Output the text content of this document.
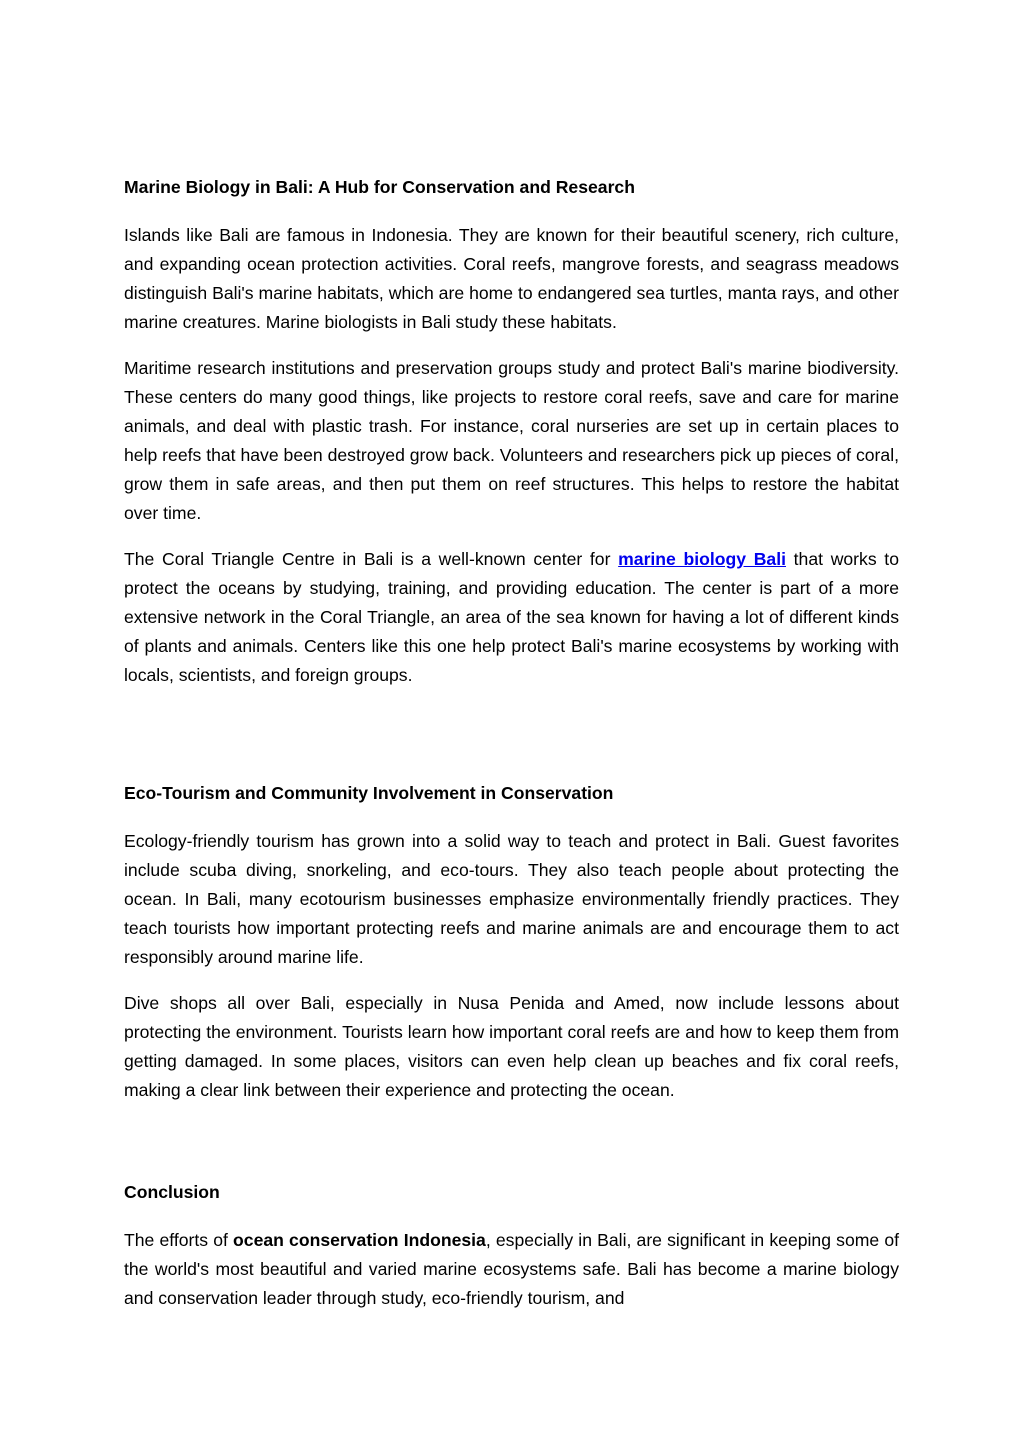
Marine Biology in Bali: A Hub for Conservation and Research

Islands like Bali are famous in Indonesia. They are known for their beautiful scenery, rich culture, and expanding ocean protection activities. Coral reefs, mangrove forests, and seagrass meadows distinguish Bali's marine habitats, which are home to endangered sea turtles, manta rays, and other marine creatures. Marine biologists in Bali study these habitats.

Maritime research institutions and preservation groups study and protect Bali's marine biodiversity. These centers do many good things, like projects to restore coral reefs, save and care for marine animals, and deal with plastic trash. For instance, coral nurseries are set up in certain places to help reefs that have been destroyed grow back. Volunteers and researchers pick up pieces of coral, grow them in safe areas, and then put them on reef structures. This helps to restore the habitat over time.

The Coral Triangle Centre in Bali is a well-known center for marine biology Bali that works to protect the oceans by studying, training, and providing education. The center is part of a more extensive network in the Coral Triangle, an area of the sea known for having a lot of different kinds of plants and animals. Centers like this one help protect Bali's marine ecosystems by working with locals, scientists, and foreign groups.

Eco-Tourism and Community Involvement in Conservation

Ecology-friendly tourism has grown into a solid way to teach and protect in Bali. Guest favorites include scuba diving, snorkeling, and eco-tours. They also teach people about protecting the ocean. In Bali, many ecotourism businesses emphasize environmentally friendly practices. They teach tourists how important protecting reefs and marine animals are and encourage them to act responsibly around marine life.

Dive shops all over Bali, especially in Nusa Penida and Amed, now include lessons about protecting the environment. Tourists learn how important coral reefs are and how to keep them from getting damaged. In some places, visitors can even help clean up beaches and fix coral reefs, making a clear link between their experience and protecting the ocean.

Conclusion

The efforts of ocean conservation Indonesia, especially in Bali, are significant in keeping some of the world's most beautiful and varied marine ecosystems safe. Bali has become a marine biology and conservation leader through study, eco-friendly tourism, and
